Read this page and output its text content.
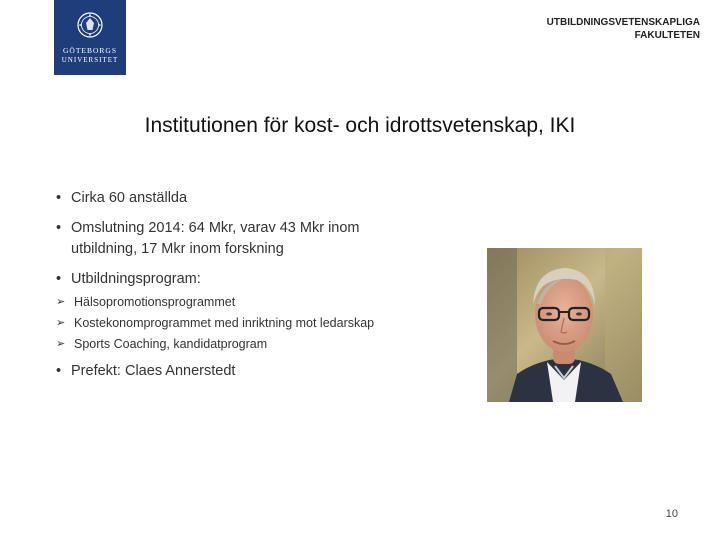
GÖTEBORGS
UNIVERSITET
UTBILDNINGSVETENSKAPLIGA
FAKULTETEN
Institutionen för kost- och idrottsvetenskap, IKI
• Cirka 60 anställda
• Omslutning 2014: 64 Mkr, varav 43 Mkr inom
utbildning, 17 Mkr inom forskning
• Utbildningsprogram:
➢ Hälsopromotionsprogrammet
➢ Kostekonomprogrammet med inriktning mot ledarskap
➢ Sports Coaching, kandidatprogram
• Prefekt: Claes Annerstedt
10
